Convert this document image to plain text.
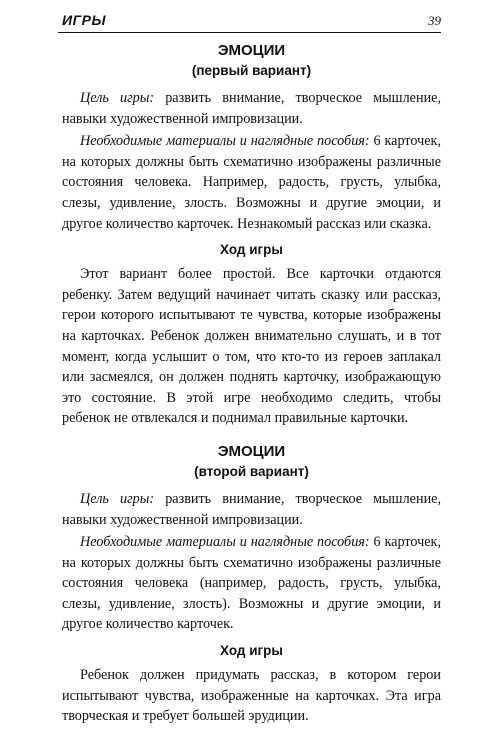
ИГРЫ	39

ЭМОЦИИ

(первый вариант)

Цель игры: развить внимание, творческое мышление, навыки художественной импровизации.

Необходимые материалы и наглядные пособия: 6 карточек, на которых должны быть схематично изображены различные состояния человека. Например, радость, грусть, улыбка, слезы, удивление, злость. Возможны и другие эмоции, и другое количество карточек. Незнакомый рассказ или сказка.

Ход игры

Этот вариант более простой. Все карточки отдаются ребенку. Затем ведущий начинает читать сказку или рассказ, герои которого испытывают те чувства, которые изображены на карточках. Ребенок должен внимательно слушать, и в тот момент, когда услышит о том, что кто-то из героев заплакал или засмеялся, он должен поднять карточку, изображающую это состояние. В этой игре необходимо следить, чтобы ребенок не отвлекался и поднимал правильные карточки.

ЭМОЦИИ

(второй вариант)

Цель игры: развить внимание, творческое мышление, навыки художественной импровизации.

Необходимые материалы и наглядные пособия: 6 карточек, на которых должны быть схематично изображены различные состояния человека (например, радость, грусть, улыбка, слезы, удивление, злость). Возможны и другие эмоции, и другое количество карточек.

Ход игры

Ребенок должен придумать рассказ, в котором герои испытывают чувства, изображенные на карточках. Эта игра творческая и требует большей эрудиции.
